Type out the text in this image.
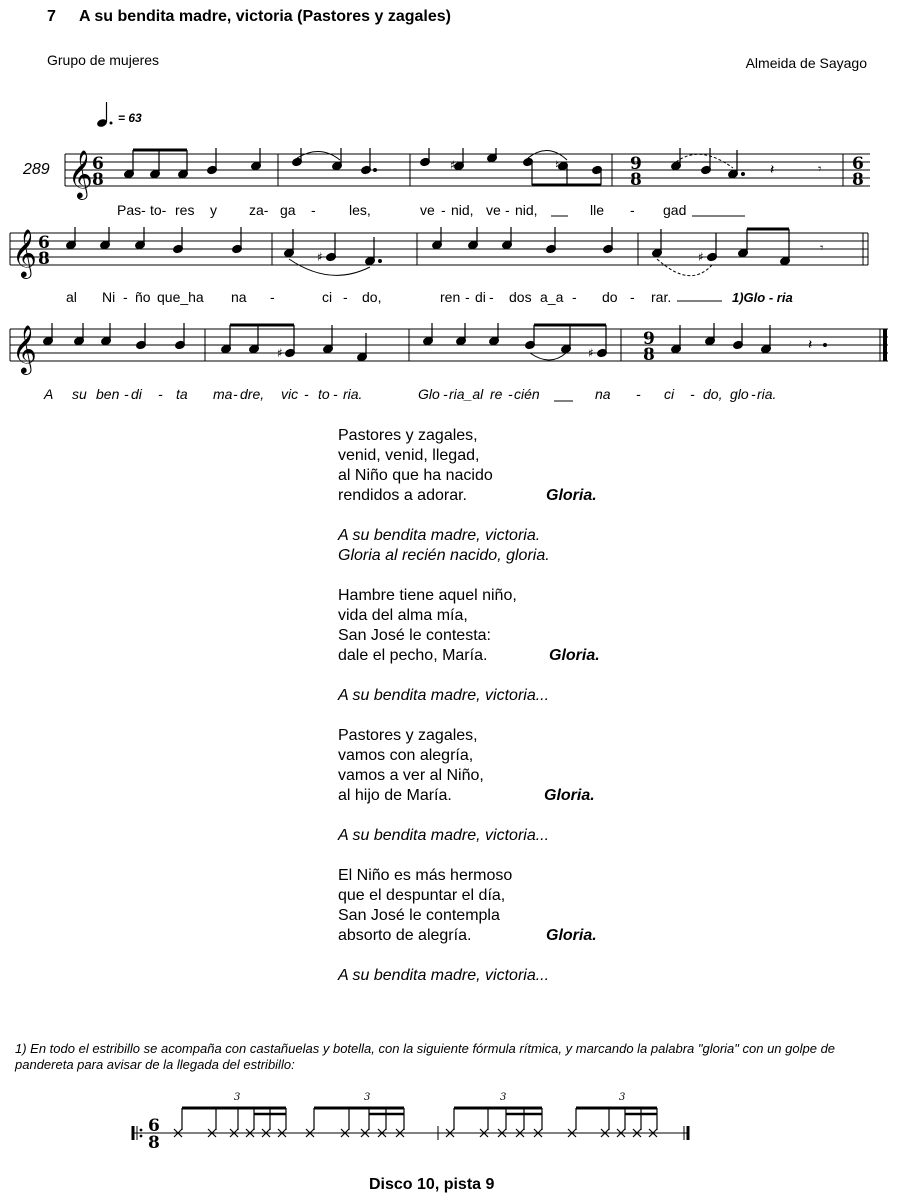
7 A su bendita madre, victoria (Pastores y zagales)
Grupo de mujeres	Almeida de Sayago
= 63
289 𝄞 6
8
9
8
6
8
♯	♮	𝄽	𝄾
Pas- to- res y za- ga - les,	ve - nid, ve - nid,	lle - gad
𝄞 6
8	♯	♯
𝄾
al Ni - ño que_ha na -	ci - do,	ren - di - dos a_a - do - rar.	1)Glo - ria
𝄞	9
8
♯	♯	𝄽
A su ben - di - ta ma - dre, vic - to - ria.	Glo - ria_al re - cién	na - ci - do, glo - ria.
Pastores y zagales,
venid, venid, llegad,
al Niño que ha nacido
rendidos a adorar.	Gloria.
A su bendita madre, victoria.
Gloria al recién nacido, gloria.
Hambre tiene aquel niño,
vida del alma mía,
San José le contesta:
dale el pecho, María.	Gloria.
A su bendita madre, victoria...
Pastores y zagales,
vamos con alegría,
vamos a ver al Niño,
al hijo de María.	Gloria.
A su bendita madre, victoria...
El Niño es más hermoso
que el despuntar el día,
San José le contempla
absorto de alegría.	Gloria.
A su bendita madre, victoria...
1) En todo el estribillo se acompaña con castañuelas y botella, con la siguiente fórmula rítmica, y marcando la palabra "gloria" con un golpe de pandereta para avisar de la llegada del estribillo:
6
8
3	3	3	3
Disco 10, pista 9
